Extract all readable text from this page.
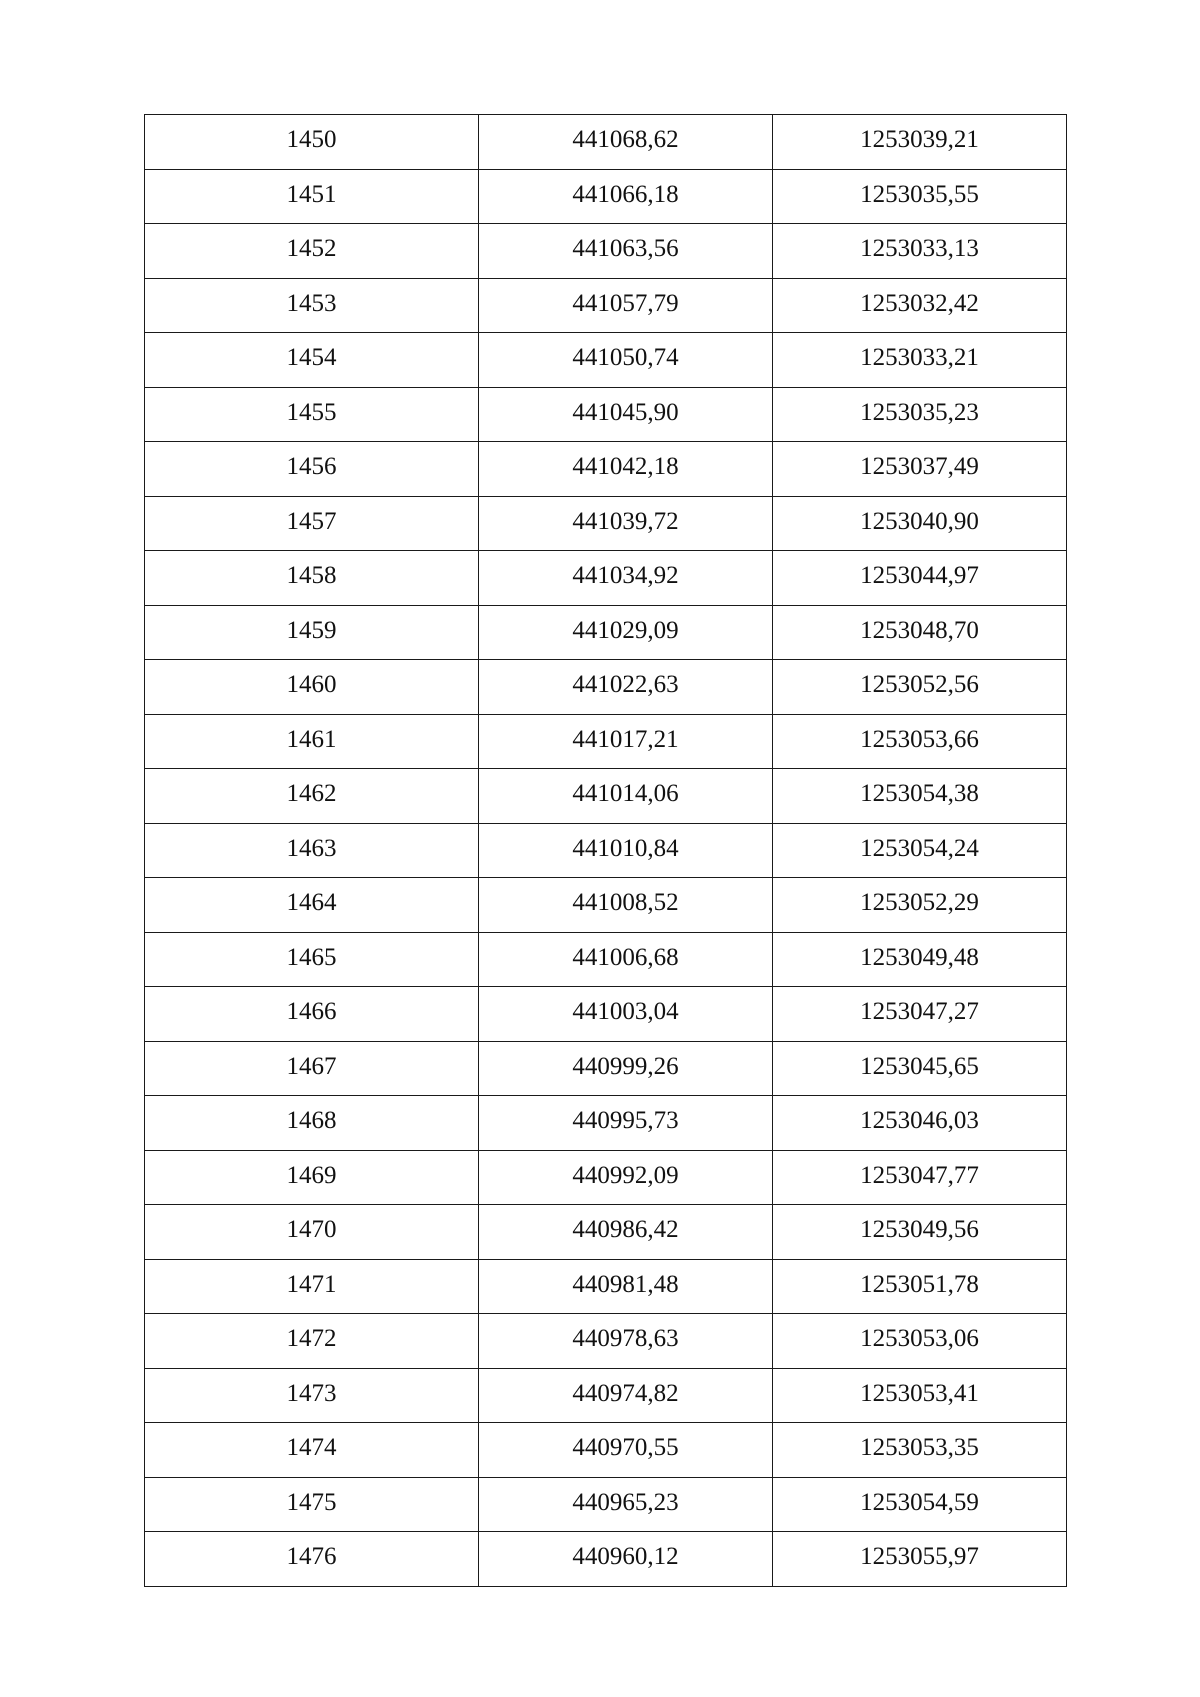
1450	441068,62	1253039,21
1451	441066,18	1253035,55
1452	441063,56	1253033,13
1453	441057,79	1253032,42
1454	441050,74	1253033,21
1455	441045,90	1253035,23
1456	441042,18	1253037,49
1457	441039,72	1253040,90
1458	441034,92	1253044,97
1459	441029,09	1253048,70
1460	441022,63	1253052,56
1461	441017,21	1253053,66
1462	441014,06	1253054,38
1463	441010,84	1253054,24
1464	441008,52	1253052,29
1465	441006,68	1253049,48
1466	441003,04	1253047,27
1467	440999,26	1253045,65
1468	440995,73	1253046,03
1469	440992,09	1253047,77
1470	440986,42	1253049,56
1471	440981,48	1253051,78
1472	440978,63	1253053,06
1473	440974,82	1253053,41
1474	440970,55	1253053,35
1475	440965,23	1253054,59
1476	440960,12	1253055,97
